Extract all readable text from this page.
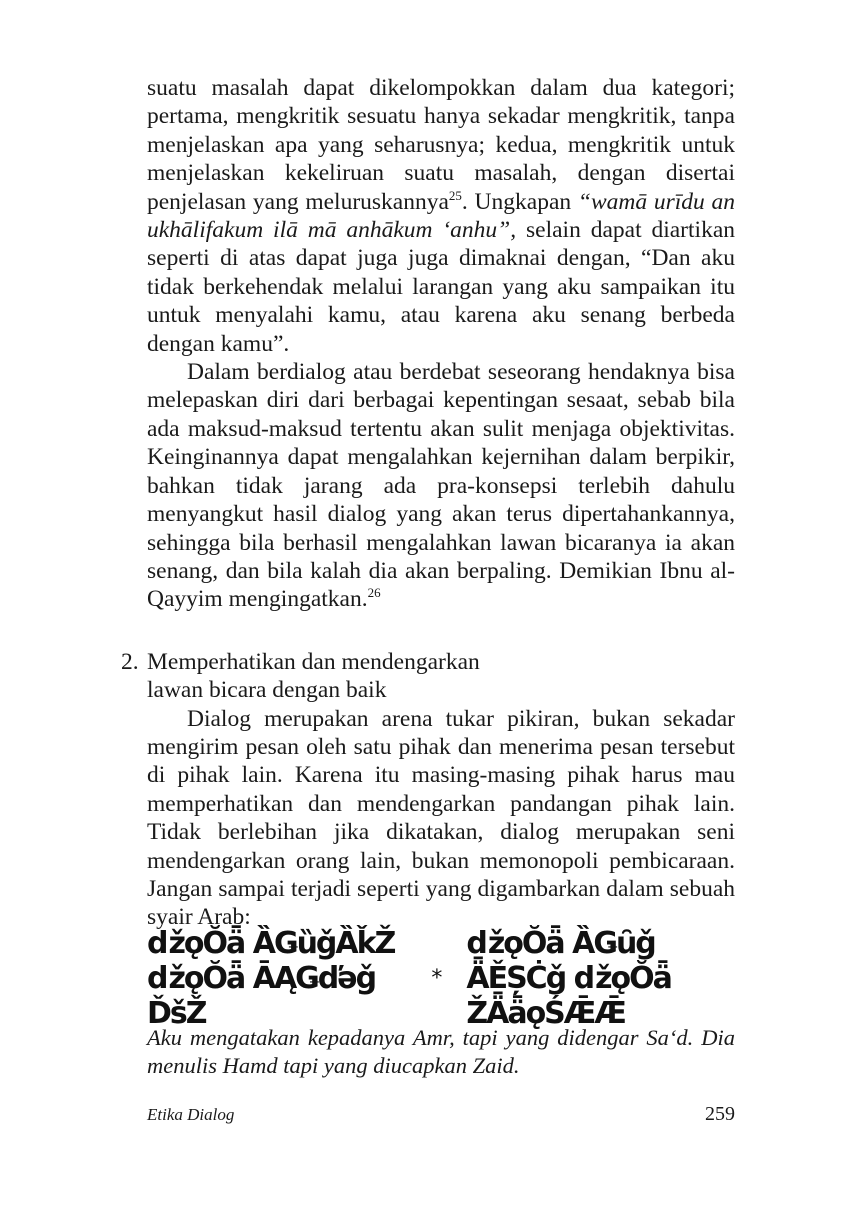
suatu masalah dapat dikelompokkan dalam dua kategori; pertama, mengkritik sesuatu hanya sekadar mengkritik, tanpa menjelaskan apa yang seharusnya; kedua, mengkritik untuk menjelaskan kekeliruan suatu masalah, dengan disertai penjelasan yang meluruskannya$^{25}$. Ungkapan “wamā urīdu an ukhālifakum ilā mā anhākum ‘anhu”, selain dapat diartikan seperti di atas dapat juga juga dimaknai dengan, “Dan aku tidak berkehendak melalui larangan yang aku sampaikan itu untuk menyalahi kamu, atau karena aku senang berbeda dengan kamu”.

Dalam berdialog atau berdebat seseorang hendaknya bisa melepaskan diri dari berbagai kepentingan sesaat, sebab bila ada maksud-maksud tertentu akan sulit menjaga objektivitas. Keinginannya dapat mengalahkan kejernihan dalam berpikir, bahkan tidak jarang ada pra-konsepsi terlebih dahulu menyangkut hasil dialog yang akan terus dipertahankannya, sehingga bila berhasil mengalahkan lawan bicaranya ia akan senang, dan bila kalah dia akan berpaling. Demikian Ibnu al-Qayyim mengingatkan.$^{26}$

2. Memperhatikan dan mendengarkan
lawan bicara dengan baik

Dialog merupakan arena tukar pikiran, bukan sekadar mengirim pesan oleh satu pihak dan menerima pesan tersebut di pihak lain. Karena itu masing-masing pihak harus mau memperhatikan dan mendengarkan pandangan pihak lain. Tidak berlebihan jika dikatakan, dialog merupakan seni mendengarkan orang lain, bukan memonopoli pembicaraan. Jangan sampai terjadi seperti yang digambarkan dalam sebuah syair Arab:

ǆǫŎǟ ȀǤȕǧȀǩŽ ǆǫŎǟ ĀĄǤďǝǧ ĎšŽ
*
ǆǫŎǟ ȀǤȗǧ ǞĚȘĊǧ ǆǫŎǟ ŽǞǟǫŚǢǢ

Aku mengatakan kepadanya Amr, tapi yang didengar Sa‘d. Dia menulis Hamd tapi yang diucapkan Zaid.

Etika Dialog	259
